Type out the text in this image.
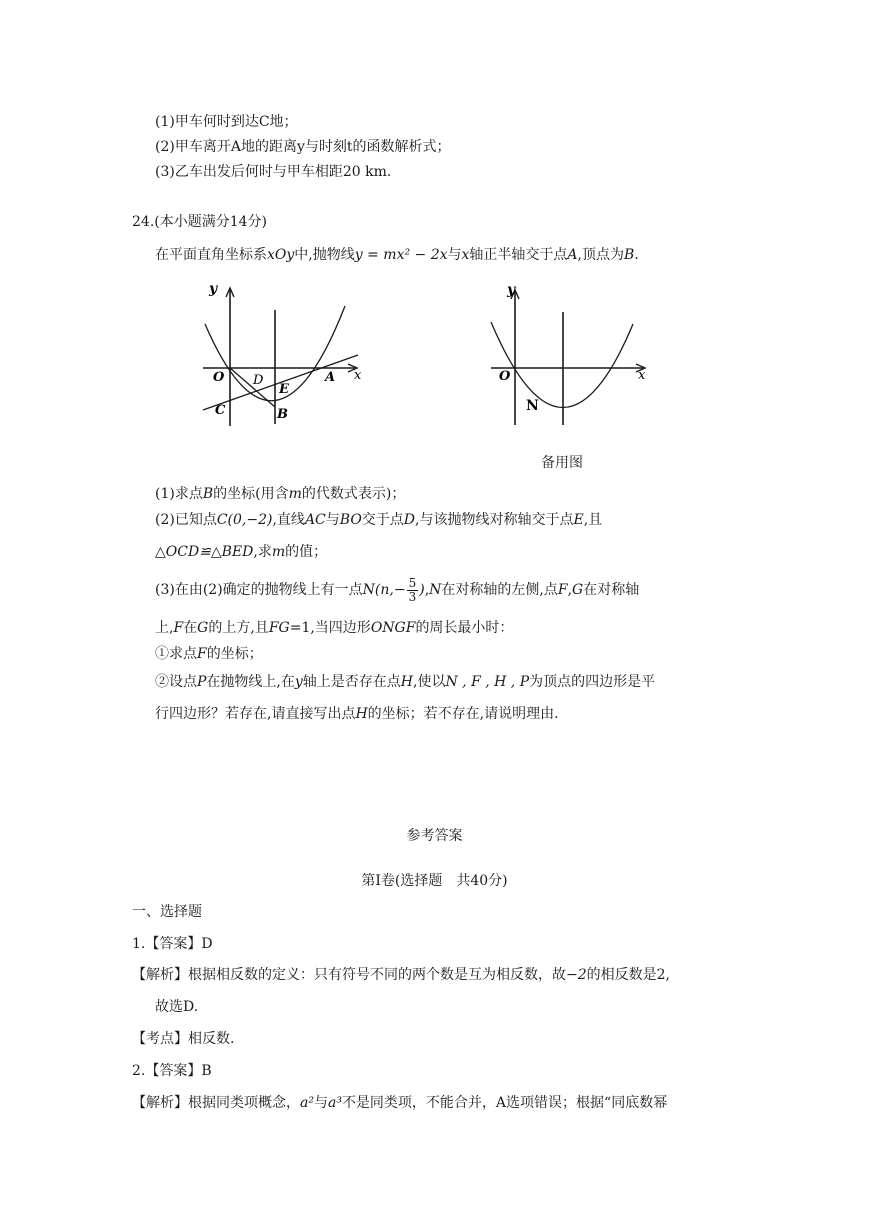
(1)甲车何时到达C地；
(2)甲车离开A地的距离y与时刻t的函数解析式；
(3)乙车出发后何时与甲车相距20 km.
24.(本小题满分14分)
在平面直角坐标系xOy中,抛物线y = mx² − 2x与x轴正半轴交于点A,顶点为B.
y
x
O D
E
A
C	B
y
x
O
N
备用图
(1)求点B的坐标(用含m的代数式表示)；
(2)已知点C(0,−2),直线AC与BO交于点D,与该抛物线对称轴交于点E,且
△OCD≌△BED,求m的值；
(3)在由(2)确定的抛物线上有一点$N(n,- \frac{5}{3} ),N$在对称轴的左侧,点F,G在对称轴
上,F在G的上方,且FG=1,当四边形ONGF的周长最小时：
①求点F的坐标；
②设点P在抛物线上,在y轴上是否存在点H,使以N , F , H , P为顶点的四边形是平
行四边形？若存在,请直接写出点H的坐标；若不存在,请说明理由.
参考答案
第Ⅰ卷(选择题　共40分)
一、选择题
1.【答案】D
【解析】根据相反数的定义：只有符号不同的两个数是互为相反数，故−2的相反数是2,
故选D.
【考点】相反数.
2.【答案】B
【解析】根据同类项概念，a²与a³不是同类项，不能合并，A选项错误；根据“同底数幂
